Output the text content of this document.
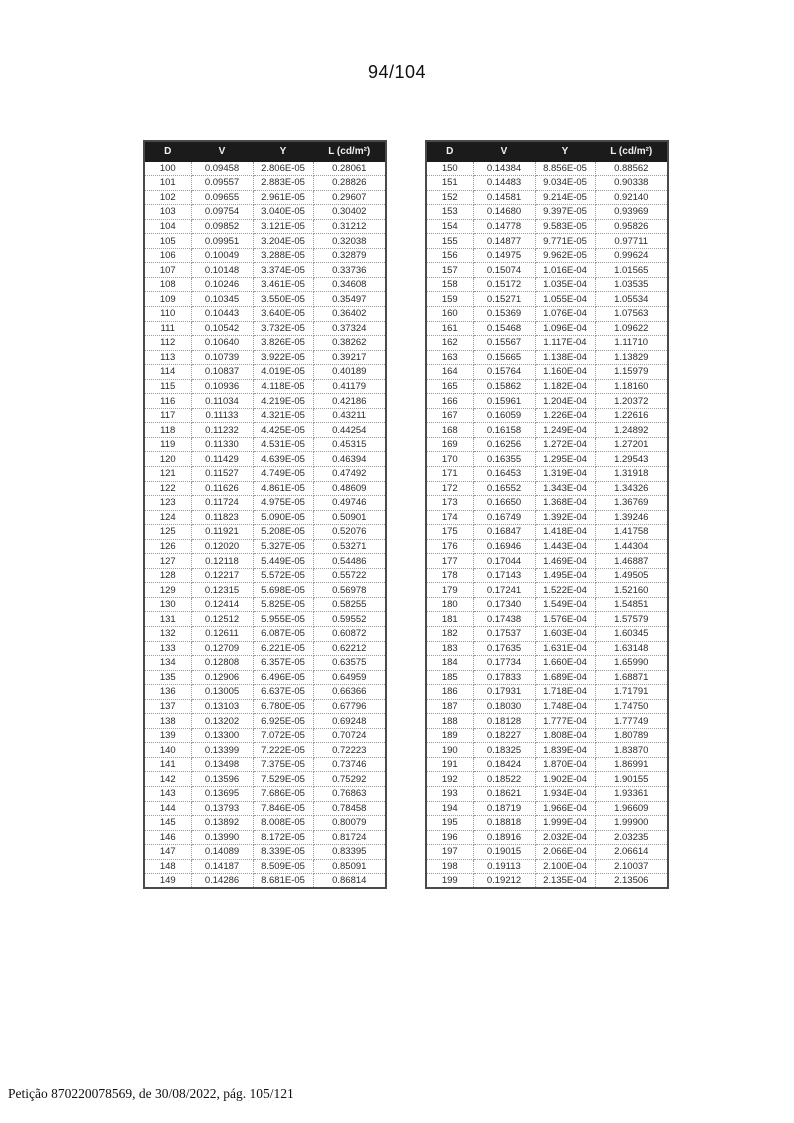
94/104
D	V	Y	L (cd/m²)
100	0.09458	2.806E-05	0.28061
101	0.09557	2.883E-05	0.28826
102	0.09655	2.961E-05	0.29607
103	0.09754	3.040E-05	0.30402
104	0.09852	3.121E-05	0.31212
105	0.09951	3.204E-05	0.32038
106	0.10049	3.288E-05	0.32879
107	0.10148	3.374E-05	0.33736
108	0.10246	3.461E-05	0.34608
109	0.10345	3.550E-05	0.35497
110	0.10443	3.640E-05	0.36402
111	0.10542	3.732E-05	0.37324
112	0.10640	3.826E-05	0.38262
113	0.10739	3.922E-05	0.39217
114	0.10837	4.019E-05	0.40189
115	0.10936	4.118E-05	0.41179
116	0.11034	4.219E-05	0.42186
117	0.11133	4.321E-05	0.43211
118	0.11232	4.425E-05	0.44254
119	0.11330	4.531E-05	0.45315
120	0.11429	4.639E-05	0.46394
121	0.11527	4.749E-05	0.47492
122	0.11626	4.861E-05	0.48609
123	0.11724	4.975E-05	0.49746
124	0.11823	5.090E-05	0.50901
125	0.11921	5.208E-05	0.52076
126	0.12020	5.327E-05	0.53271
127	0.12118	5.449E-05	0.54486
128	0.12217	5.572E-05	0.55722
129	0.12315	5.698E-05	0.56978
130	0.12414	5.825E-05	0.58255
131	0.12512	5.955E-05	0.59552
132	0.12611	6.087E-05	0.60872
133	0.12709	6.221E-05	0.62212
134	0.12808	6.357E-05	0.63575
135	0.12906	6.496E-05	0.64959
136	0.13005	6.637E-05	0.66366
137	0.13103	6.780E-05	0.67796
138	0.13202	6.925E-05	0.69248
139	0.13300	7.072E-05	0.70724
140	0.13399	7.222E-05	0.72223
141	0.13498	7.375E-05	0.73746
142	0.13596	7.529E-05	0.75292
143	0.13695	7.686E-05	0.76863
144	0.13793	7.846E-05	0.78458
145	0.13892	8.008E-05	0.80079
146	0.13990	8.172E-05	0.81724
147	0.14089	8.339E-05	0.83395
148	0.14187	8.509E-05	0.85091
149	0.14286	8.681E-05	0.86814
D	V	Y	L (cd/m²)
150	0.14384	8.856E-05	0.88562
151	0.14483	9.034E-05	0.90338
152	0.14581	9.214E-05	0.92140
153	0.14680	9.397E-05	0.93969
154	0.14778	9.583E-05	0.95826
155	0.14877	9.771E-05	0.97711
156	0.14975	9.962E-05	0.99624
157	0.15074	1.016E-04	1.01565
158	0.15172	1.035E-04	1.03535
159	0.15271	1.055E-04	1.05534
160	0.15369	1.076E-04	1.07563
161	0.15468	1.096E-04	1.09622
162	0.15567	1.117E-04	1.11710
163	0.15665	1.138E-04	1.13829
164	0.15764	1.160E-04	1.15979
165	0.15862	1.182E-04	1.18160
166	0.15961	1.204E-04	1.20372
167	0.16059	1.226E-04	1.22616
168	0.16158	1.249E-04	1.24892
169	0.16256	1.272E-04	1.27201
170	0.16355	1.295E-04	1.29543
171	0.16453	1.319E-04	1.31918
172	0.16552	1.343E-04	1.34326
173	0.16650	1.368E-04	1.36769
174	0.16749	1.392E-04	1.39246
175	0.16847	1.418E-04	1.41758
176	0.16946	1.443E-04	1.44304
177	0.17044	1.469E-04	1.46887
178	0.17143	1.495E-04	1.49505
179	0.17241	1.522E-04	1.52160
180	0.17340	1.549E-04	1.54851
181	0.17438	1.576E-04	1.57579
182	0.17537	1.603E-04	1.60345
183	0.17635	1.631E-04	1.63148
184	0.17734	1.660E-04	1.65990
185	0.17833	1.689E-04	1.68871
186	0.17931	1.718E-04	1.71791
187	0.18030	1.748E-04	1.74750
188	0.18128	1.777E-04	1.77749
189	0.18227	1.808E-04	1.80789
190	0.18325	1.839E-04	1.83870
191	0.18424	1.870E-04	1.86991
192	0.18522	1.902E-04	1.90155
193	0.18621	1.934E-04	1.93361
194	0.18719	1.966E-04	1.96609
195	0.18818	1.999E-04	1.99900
196	0.18916	2.032E-04	2.03235
197	0.19015	2.066E-04	2.06614
198	0.19113	2.100E-04	2.10037
199	0.19212	2.135E-04	2.13506
Petição 870220078569, de 30/08/2022, pág. 105/121
